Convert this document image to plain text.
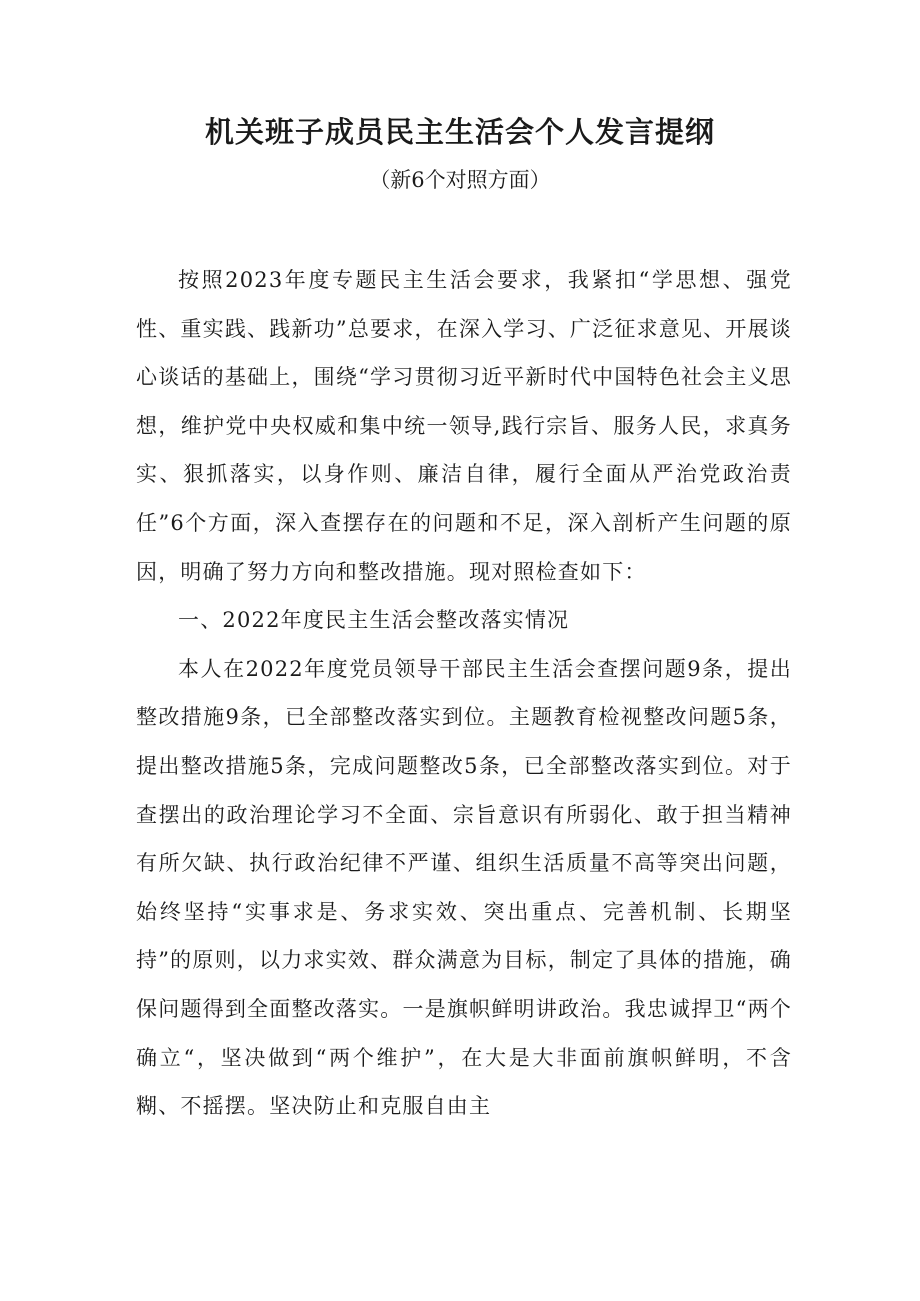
机关班子成员民主生活会个人发言提纲
（新6个对照方面）

按照2023年度专题民主生活会要求，我紧扣“学思想、强党性、重实践、践新功”总要求，在深入学习、广泛征求意见、开展谈心谈话的基础上，围绕“学习贯彻习近平新时代中国特色社会主义思想，维护党中央权威和集中统一领导,践行宗旨、服务人民，求真务实、狠抓落实，以身作则、廉洁自律，履行全面从严治党政治责任”6个方面，深入查摆存在的问题和不足，深入剖析产生问题的原因，明确了努力方向和整改措施。现对照检查如下：

一、2022年度民主生活会整改落实情况

本人在2022年度党员领导干部民主生活会查摆问题9条，提出整改措施9条，已全部整改落实到位。主题教育检视整改问题5条，提出整改措施5条，完成问题整改5条，已全部整改落实到位。对于查摆出的政治理论学习不全面、宗旨意识有所弱化、敢于担当精神有所欠缺、执行政治纪律不严谨、组织生活质量不高等突出问题，始终坚持“实事求是、务求实效、突出重点、完善机制、长期坚持”的原则，以力求实效、群众满意为目标，制定了具体的措施，确保问题得到全面整改落实。一是旗帜鲜明讲政治。我忠诚捍卫“两个确立“，坚决做到“两个维护”，在大是大非面前旗帜鲜明，不含糊、不摇摆。坚决防止和克服自由主
